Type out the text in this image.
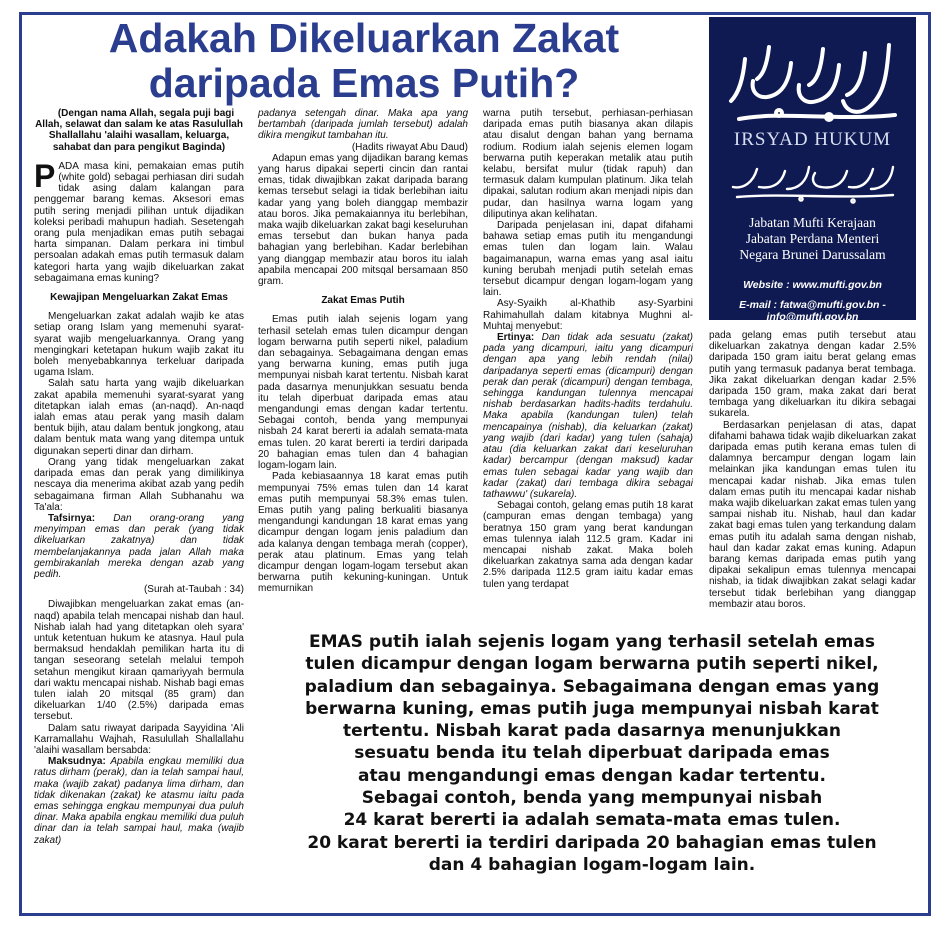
Adakah Dikeluarkan Zakat
daripada Emas Putih?
IRSYAD HUKUM
Jabatan Mufti Kerajaan
Jabatan Perdana Menteri
Negara Brunei Darussalam
Website : www.mufti.gov.bn
E-mail : fatwa@mufti.gov.bn - info@mufti.gov.bn

(Dengan nama Allah, segala puji bagi Allah, selawat dan salam ke atas Rasulullah Shallallahu 'alaihi wasallam, keluarga, sahabat dan para pengikut Baginda)

PADA masa kini, pemakaian emas putih (white gold) sebagai perhiasan diri sudah tidak asing dalam kalangan para penggemar barang kemas. Aksesori emas putih sering menjadi pilihan untuk dijadikan koleksi peribadi mahupun hadiah. Sesetengah orang pula menjadikan emas putih sebagai harta simpanan. Dalam perkara ini timbul persoalan adakah emas putih termasuk dalam kategori harta yang wajib dikeluarkan zakat sebagaimana emas kuning?

Kewajipan Mengeluarkan Zakat Emas

Mengeluarkan zakat adalah wajib ke atas setiap orang Islam yang memenuhi syarat-syarat wajib mengeluarkannya. Orang yang mengingkari ketetapan hukum wajib zakat itu boleh menyebabkannya terkeluar daripada ugama Islam.

Salah satu harta yang wajib dikeluarkan zakat apabila memenuhi syarat-syarat yang ditetapkan ialah emas (an-naqd). An-naqd ialah emas atau perak yang masih dalam bentuk bijih, atau dalam bentuk jongkong, atau dalam bentuk mata wang yang ditempa untuk digunakan seperti dinar dan dirham.

Orang yang tidak mengeluarkan zakat daripada emas dan perak yang dimilikinya nescaya dia menerima akibat azab yang pedih sebagaimana firman Allah Subhanahu wa Ta'ala:

Tafsirnya: Dan orang-orang yang menyimpan emas dan perak (yang tidak dikeluarkan zakatnya) dan tidak membelanjakannya pada jalan Allah maka gembirakanlah mereka dengan azab yang pedih.

(Surah at-Taubah : 34)

Diwajibkan mengeluarkan zakat emas (an-naqd) apabila telah mencapai nishab dan haul. Nishab ialah had yang ditetapkan oleh syara' untuk ketentuan hukum ke atasnya. Haul pula bermaksud hendaklah pemilikan harta itu di tangan seseorang setelah melalui tempoh setahun mengikut kiraan qamariyyah bermula dari waktu mencapai nishab. Nishab bagi emas tulen ialah 20 mitsqal (85 gram) dan dikeluarkan 1/40 (2.5%) daripada emas tersebut.

Dalam satu riwayat daripada Sayyidina 'Ali Karramallahu Wajhah, Rasulullah Shallallahu 'alaihi wasallam bersabda:

Maksudnya: Apabila engkau memiliki dua ratus dirham (perak), dan ia telah sampai haul, maka (wajib zakat) padanya lima dirham, dan tidak dikenakan (zakat) ke atasmu iaitu pada emas sehingga engkau mempunyai dua puluh dinar. Maka apabila engkau memiliki dua puluh dinar dan ia telah sampai haul, maka (wajib zakat)

padanya setengah dinar. Maka apa yang bertambah (daripada jumlah tersebut) adalah dikira mengikut tambahan itu.

(Hadits riwayat Abu Daud)

Adapun emas yang dijadikan barang kemas yang harus dipakai seperti cincin dan rantai emas, tidak diwajibkan zakat daripada barang kemas tersebut selagi ia tidak berlebihan iaitu kadar yang yang boleh dianggap membazir atau boros. Jika pemakaiannya itu berlebihan, maka wajib dikeluarkan zakat bagi keseluruhan emas tersebut dan bukan hanya pada bahagian yang berlebihan. Kadar berlebihan yang dianggap membazir atau boros itu ialah apabila mencapai 200 mitsqal bersamaan 850 gram.

Zakat Emas Putih

Emas putih ialah sejenis logam yang terhasil setelah emas tulen dicampur dengan logam berwarna putih seperti nikel, paladium dan sebagainya. Sebagaimana dengan emas yang berwarna kuning, emas putih juga mempunyai nisbah karat tertentu. Nisbah karat pada dasarnya menunjukkan sesuatu benda itu telah diperbuat daripada emas atau mengandungi emas dengan kadar tertentu. Sebagai contoh, benda yang mempunyai nisbah 24 karat bererti ia adalah semata-mata emas tulen. 20 karat bererti ia terdiri daripada 20 bahagian emas tulen dan 4 bahagian logam-logam lain.

Pada kebiasaannya 18 karat emas putih mempunyai 75% emas tulen dan 14 karat emas putih mempunyai 58.3% emas tulen. Emas putih yang paling berkualiti biasanya mengandungi kandungan 18 karat emas yang dicampur dengan logam jenis paladium dan ada kalanya dengan tembaga merah (copper), perak atau platinum. Emas yang telah dicampur dengan logam-logam tersebut akan berwarna putih kekuning-kuningan. Untuk memurnikan

warna putih tersebut, perhiasan-perhiasan daripada emas putih biasanya akan dilapis atau disalut dengan bahan yang bernama rodium. Rodium ialah sejenis elemen logam berwarna putih keperakan metalik atau putih kelabu, bersifat mulur (tidak rapuh) dan termasuk dalam kumpulan platinum. Jika telah dipakai, salutan rodium akan menjadi nipis dan pudar, dan hasilnya warna logam yang diliputinya akan kelihatan.

Daripada penjelasan ini, dapat difahami bahawa setiap emas putih itu mengandungi emas tulen dan logam lain. Walau bagaimanapun, warna emas yang asal iaitu kuning berubah menjadi putih setelah emas tersebut dicampur dengan logam-logam yang lain.

Asy-Syaikh al-Khathib asy-Syarbini Rahimahullah dalam kitabnya Mughni al-Muhtaj menyebut:

Ertinya: Dan tidak ada sesuatu (zakat) pada yang dicampuri, iaitu yang dicampuri dengan apa yang lebih rendah (nilai) daripadanya seperti emas (dicampuri) dengan perak dan perak (dicampuri) dengan tembaga, sehingga kandungan tulennya mencapai nishab berdasarkan hadits-hadits terdahulu. Maka apabila (kandungan tulen) telah mencapainya (nishab), dia keluarkan (zakat) yang wajib (dari kadar) yang tulen (sahaja) atau (dia keluarkan zakat dari keseluruhan kadar) bercampur (dengan maksud) kadar emas tulen sebagai kadar yang wajib dan kadar (zakat) dari tembaga dikira sebagai tathawwu' (sukarela).

Sebagai contoh, gelang emas putih 18 karat (campuran emas dengan tembaga) yang beratnya 150 gram yang berat kandungan emas tulennya ialah 112.5 gram. Kadar ini mencapai nishab zakat. Maka boleh dikeluarkan zakatnya sama ada dengan kadar 2.5% daripada 112.5 gram iaitu kadar emas tulen yang terdapat

pada gelang emas putih tersebut atau dikeluarkan zakatnya dengan kadar 2.5% daripada 150 gram iaitu berat gelang emas putih yang termasuk padanya berat tembaga. Jika zakat dikeluarkan dengan kadar 2.5% daripada 150 gram, maka zakat dari berat tembaga yang dikeluarkan itu dikira sebagai sukarela.

Berdasarkan penjelasan di atas, dapat difahami bahawa tidak wajib dikeluarkan zakat daripada emas putih kerana emas tulen di dalamnya bercampur dengan logam lain melainkan jika kandungan emas tulen itu mencapai kadar nishab. Jika emas tulen dalam emas putih itu mencapai kadar nishab maka wajib dikeluarkan zakat emas tulen yang sampai nishab itu. Nishab, haul dan kadar zakat bagi emas tulen yang terkandung dalam emas putih itu adalah sama dengan nishab, haul dan kadar zakat emas kuning. Adapun barang kemas daripada emas putih yang dipakai sekalipun emas tulennya mencapai nishab, ia tidak diwajibkan zakat selagi kadar tersebut tidak berlebihan yang dianggap membazir atau boros.

EMAS putih ialah sejenis logam yang terhasil setelah emas
tulen dicampur dengan logam berwarna putih seperti nikel,
paladium dan sebagainya. Sebagaimana dengan emas yang
berwarna kuning, emas putih juga mempunyai nisbah karat
tertentu. Nisbah karat pada dasarnya menunjukkan
sesuatu benda itu telah diperbuat daripada emas
atau mengandungi emas dengan kadar tertentu.
Sebagai contoh, benda yang mempunyai nisbah
24 karat bererti ia adalah semata-mata emas tulen.
20 karat bererti ia terdiri daripada 20 bahagian emas tulen
dan 4 bahagian logam-logam lain.
